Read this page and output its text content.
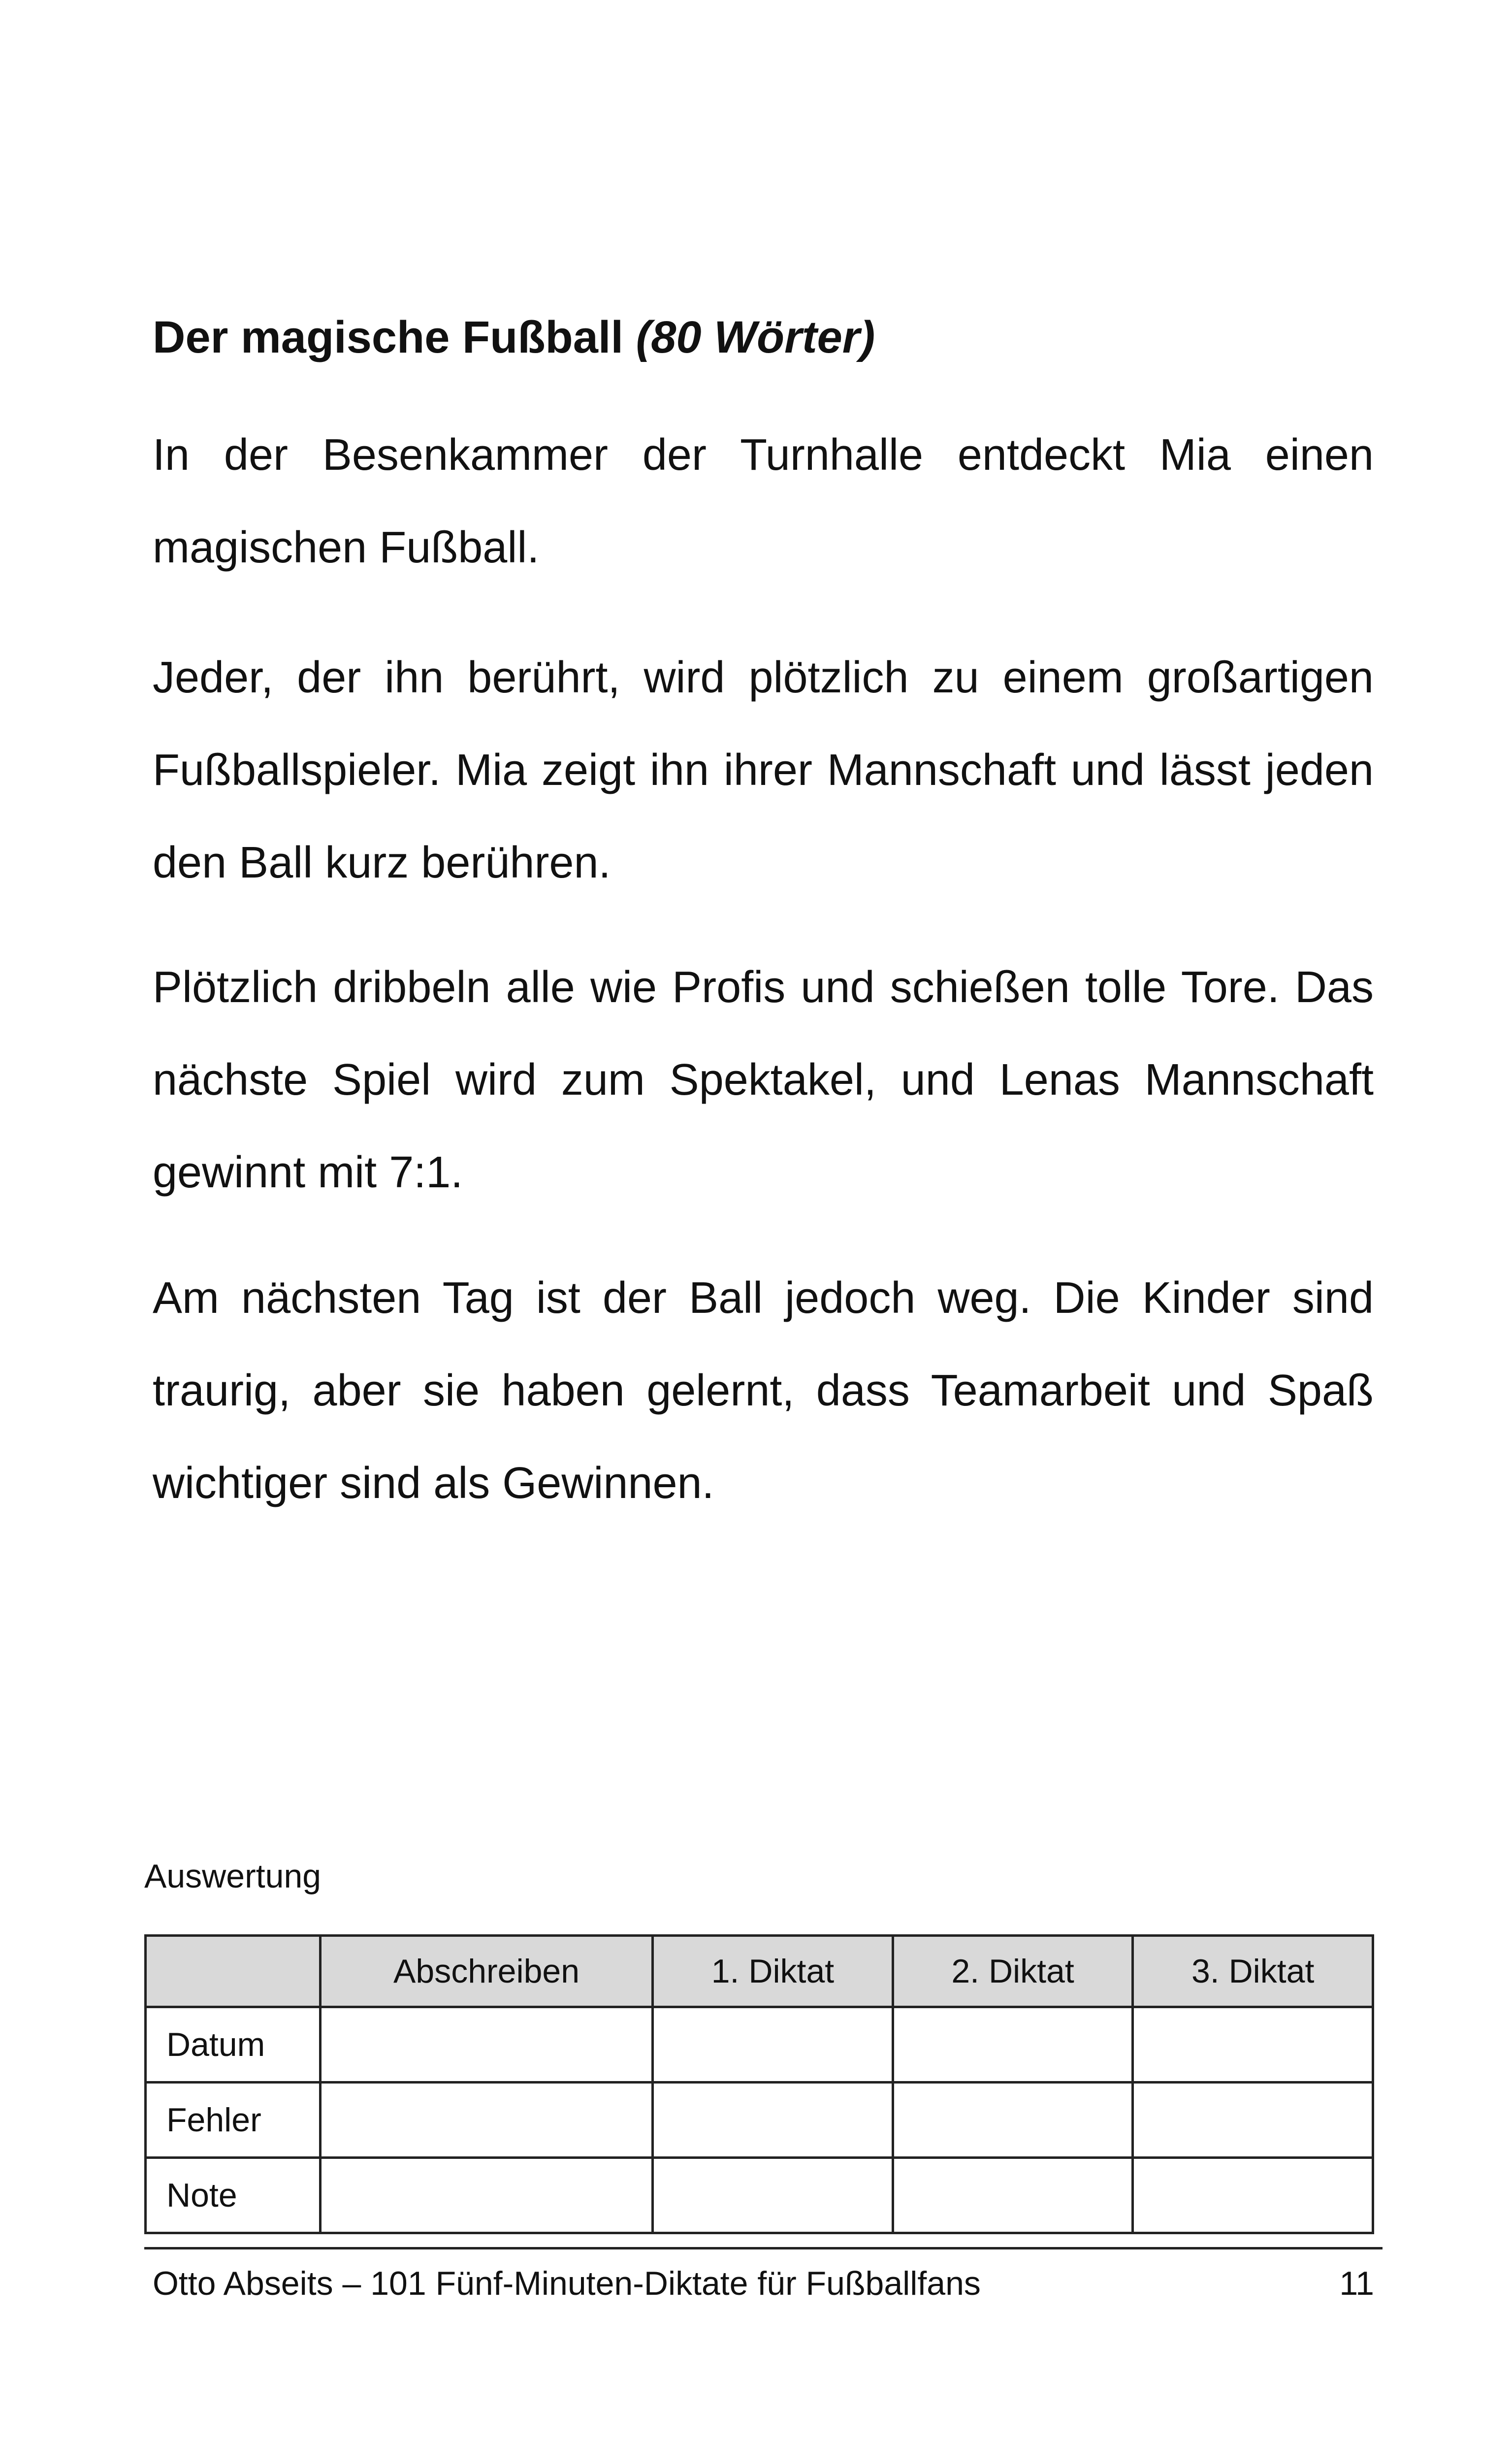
Der magische Fußball (80 Wörter)

In der Besenkammer der Turnhalle entdeckt Mia einen magischen Fußball.

Jeder, der ihn berührt, wird plötzlich zu einem großartigen Fußballspieler. Mia zeigt ihn ihrer Mannschaft und lässt jeden den Ball kurz berühren.

Plötzlich dribbeln alle wie Profis und schießen tolle Tore. Das nächste Spiel wird zum Spektakel, und Lenas Mannschaft gewinnt mit 7:1.

Am nächsten Tag ist der Ball jedoch weg. Die Kinder sind traurig, aber sie haben gelernt, dass Teamarbeit und Spaß wichtiger sind als Gewinnen.

Auswertung
	Abschreiben	1. Diktat	2. Diktat	3. Diktat
Datum				
Fehler				
Note				
Otto Abseits – 101 Fünf-Minuten-Diktate für Fußballfans	11
